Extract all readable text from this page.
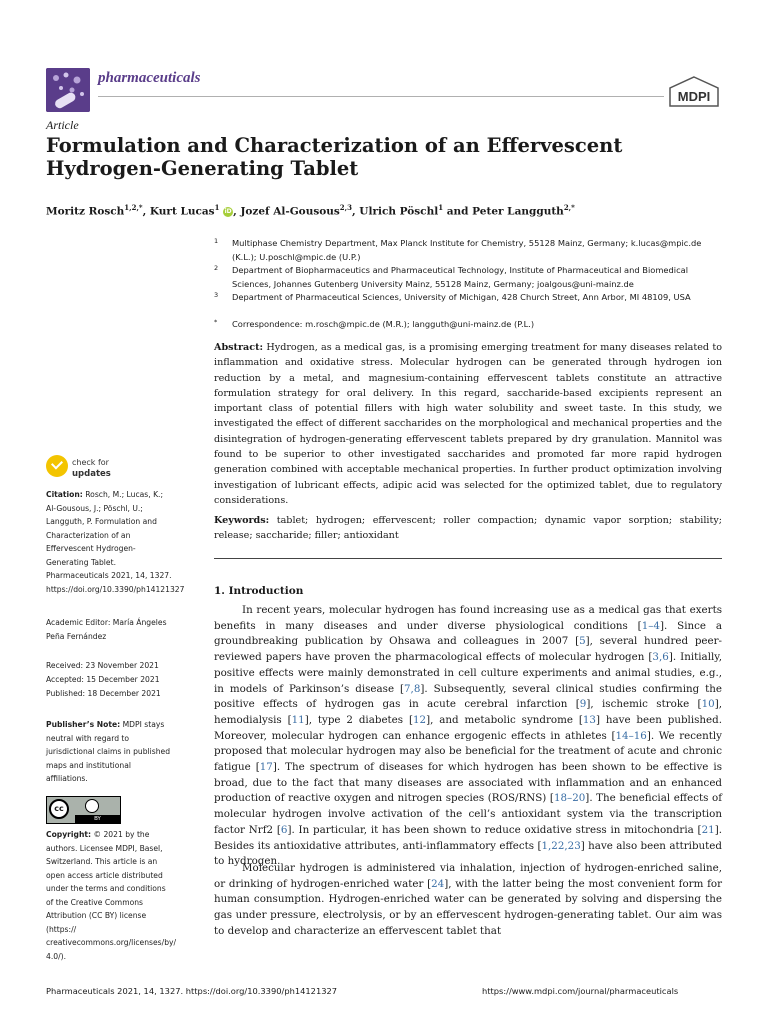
pharmaceuticals
MDPI
Article
Formulation and Characterization of an Effervescent Hydrogen-Generating Tablet
Moritz Rosch$^{1,2,*}$, Kurt Lucas$^1$ iD, Jozef Al-Gousous$^{2,3}$, Ulrich Pöschl$^1$ and Peter Langguth$^{2,*}$
1 Multiphase Chemistry Department, Max Planck Institute for Chemistry, 55128 Mainz, Germany; k.lucas@mpic.de (K.L.); U.poschl@mpic.de (U.P.)
2 Department of Biopharmaceutics and Pharmaceutical Technology, Institute of Pharmaceutical and Biomedical Sciences, Johannes Gutenberg University Mainz, 55128 Mainz, Germany; joalgous@uni-mainz.de
3 Department of Pharmaceutical Sciences, University of Michigan, 428 Church Street, Ann Arbor, MI 48109, USA
* Correspondence: m.rosch@mpic.de (M.R.); langguth@uni-mainz.de (P.L.)
Abstract: Hydrogen, as a medical gas, is a promising emerging treatment for many diseases related to inflammation and oxidative stress. Molecular hydrogen can be generated through hydrogen ion reduction by a metal, and magnesium-containing effervescent tablets constitute an attractive formulation strategy for oral delivery. In this regard, saccharide-based excipients represent an important class of potential fillers with high water solubility and sweet taste. In this study, we investigated the effect of different saccharides on the morphological and mechanical properties and the disintegration of hydrogen-generating effervescent tablets prepared by dry granulation. Mannitol was found to be superior to other investigated saccharides and promoted far more rapid hydrogen generation combined with acceptable mechanical properties. In further product optimization involving investigation of lubricant effects, adipic acid was selected for the optimized tablet, due to regulatory considerations.
Keywords: tablet; hydrogen; effervescent; roller compaction; dynamic vapor sorption; stability; release; saccharide; filler; antioxidant
1. Introduction
In recent years, molecular hydrogen has found increasing use as a medical gas that exerts benefits in many diseases and under diverse physiological conditions [1–4]. Since a groundbreaking publication by Ohsawa and colleagues in 2007 [5], several hundred peer-reviewed papers have proven the pharmacological effects of molecular hydrogen [3,6]. Initially, positive effects were mainly demonstrated in cell culture experiments and animal studies, e.g., in models of Parkinson’s disease [7,8]. Subsequently, several clinical studies confirming the positive effects of hydrogen gas in acute cerebral infarction [9], ischemic stroke [10], hemodialysis [11], type 2 diabetes [12], and metabolic syndrome [13] have been published. Moreover, molecular hydrogen can enhance ergogenic effects in athletes [14–16]. We recently proposed that molecular hydrogen may also be beneficial for the treatment of acute and chronic fatigue [17]. The spectrum of diseases for which hydrogen has been shown to be effective is broad, due to the fact that many diseases are associated with inflammation and an enhanced production of reactive oxygen and nitrogen species (ROS/RNS) [18–20]. The beneficial effects of molecular hydrogen involve activation of the cell’s antioxidant system via the transcription factor Nrf2 [6]. In particular, it has been shown to reduce oxidative stress in mitochondria [21]. Besides its antioxidative attributes, anti-inflammatory effects [1,22,23] have also been attributed to hydrogen.
Molecular hydrogen is administered via inhalation, injection of hydrogen-enriched saline, or drinking of hydrogen-enriched water [24], with the latter being the most convenient form for human consumption. Hydrogen-enriched water can be generated by solving and dispersing the gas under pressure, electrolysis, or by an effervescent hydrogen-generating tablet. Our aim was to develop and characterize an effervescent tablet that
check for
updates
Citation: Rosch, M.; Lucas, K.; Al-Gousous, J.; Pöschl, U.; Langguth, P. Formulation and Characterization of an Effervescent Hydrogen-Generating Tablet. Pharmaceuticals 2021, 14, 1327. https://doi.org/10.3390/ph14121327
Academic Editor: María Ángeles Peña Fernández
Received: 23 November 2021
Accepted: 15 December 2021
Published: 18 December 2021
Publisher’s Note: MDPI stays neutral with regard to jurisdictional claims in published maps and institutional affiliations.
cc
BY
Copyright: © 2021 by the authors. Licensee MDPI, Basel, Switzerland. This article is an open access article distributed under the terms and conditions of the Creative Commons Attribution (CC BY) license (https:// creativecommons.org/licenses/by/ 4.0/).
Pharmaceuticals 2021, 14, 1327. https://doi.org/10.3390/ph14121327	https://www.mdpi.com/journal/pharmaceuticals
